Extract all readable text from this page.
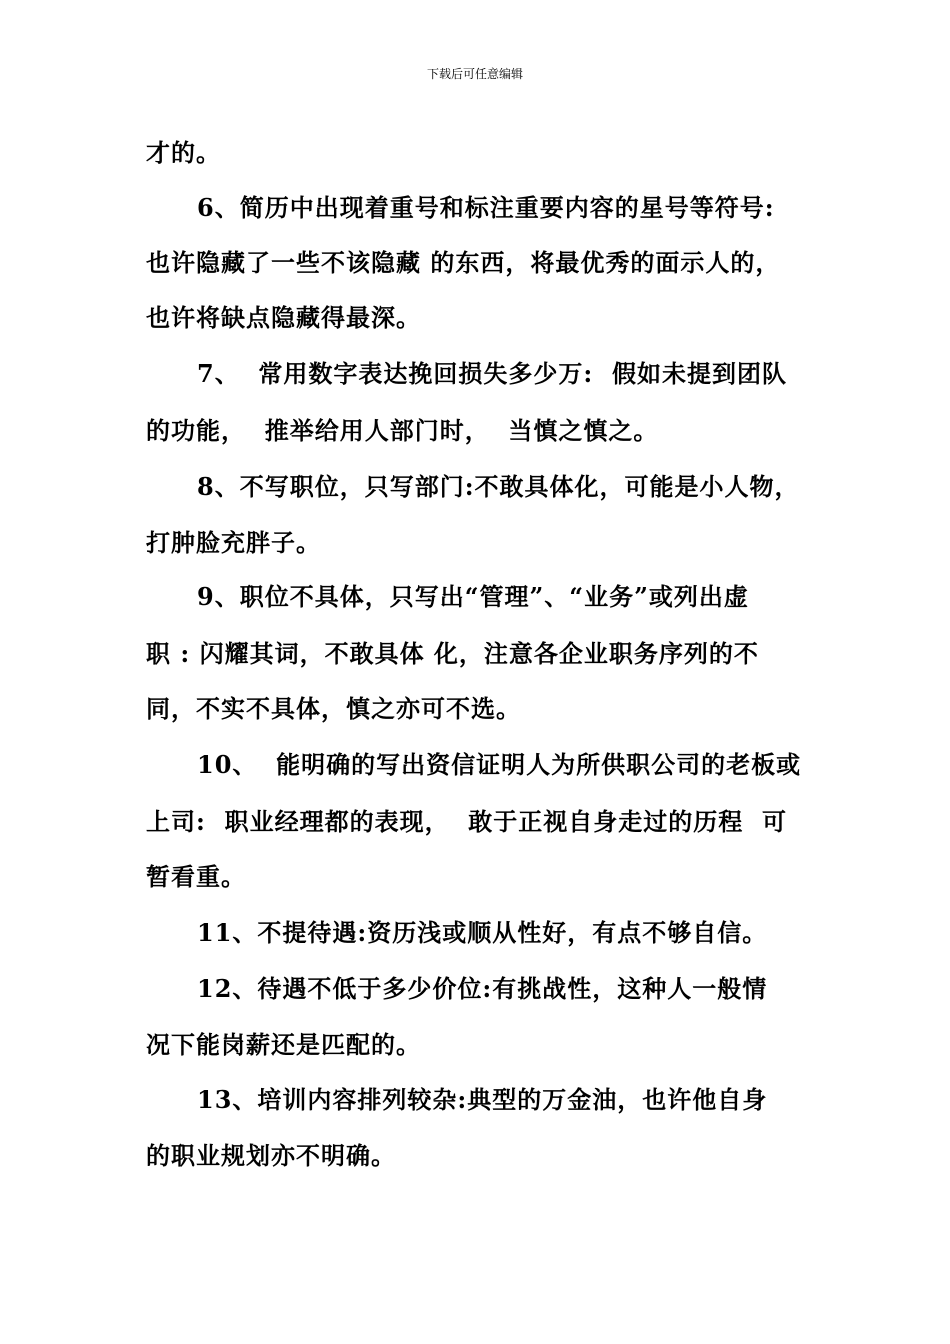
下载后可任意编辑
才的。
6、简历中出现着重号和标注重要内容的星号等符号:
也许隐藏了一些不该隐藏 的东西，将最优秀的面示人的，
也许将缺点隐藏得最深。
7、  常用数字表达挽回损失多少万:  假如未提到团队
的功能，  推举给用人部门时，  当慎之慎之。
8、不写职位，只写部门:不敢具体化，可能是小人物，
打肿脸充胖子。
9、职位不具体，只写出“管理”、“业务”或列出虚
职 : 闪耀其词，不敢具体 化，注意各企业职务序列的不
同，不实不具体，慎之亦可不选。
10、  能明确的写出资信证明人为所供职公司的老板或
上司:  职业经理都的表现，  敢于正视自身走过的历程  可
暂看重。
11、不提待遇:资历浅或顺从性好，有点不够自信。
12、待遇不低于多少价位:有挑战性，这种人一般情
况下能岗薪还是匹配的。
13、培训内容排列较杂:典型的万金油，也许他自身
的职业规划亦不明确。
